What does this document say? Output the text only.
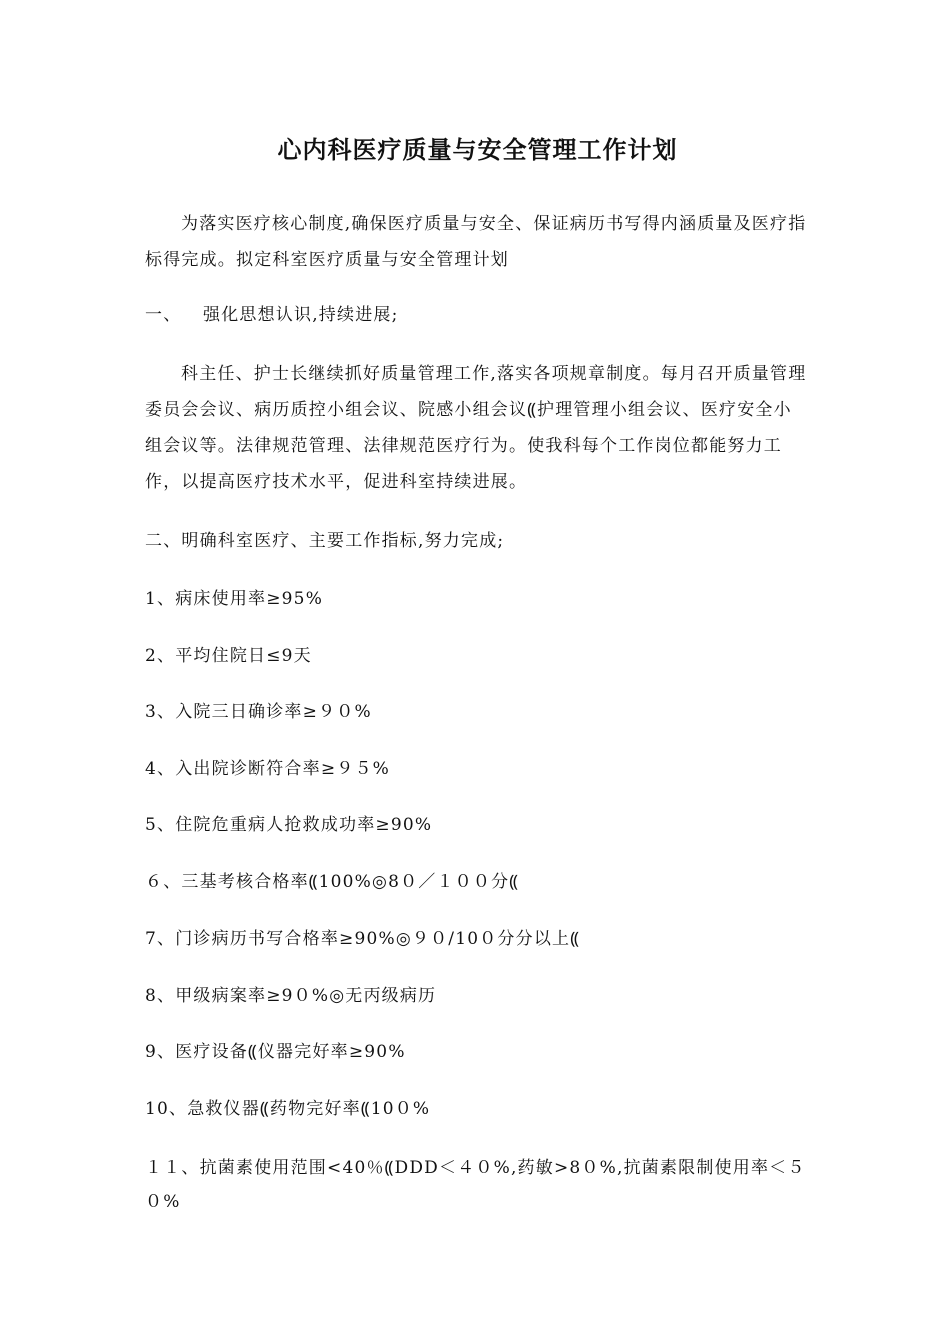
心内科医疗质量与安全管理工作计划

为落实医疗核心制度,确保医疗质量与安全、保证病历书写得内涵质量及医疗指标得完成。拟定科室医疗质量与安全管理计划

一、 强化思想认识,持续进展;

科主任、护士长继续抓好质量管理工作,落实各项规章制度。每月召开质量管理委员会会议、病历质控小组会议、院感小组会议⸨护理管理小组会议、医疗安全小组会议等。法律规范管理、法律规范医疗行为。使我科每个工作岗位都能努力工作，以提高医疗技术水平，促进科室持续进展。

二、明确科室医疗、主要工作指标,努力完成;

1、病床使用率≥95%

2、平均住院日≤9天

3、入院三日确诊率≥９０%

4、入出院诊断符合率≥９５%

5、住院危重病人抢救成功率≥90%

６、三基考核合格率⸨100%◎8０／１００分⸨

7、门诊病历书写合格率≥90%◎９０/10０分分以上⸨

8、甲级病案率≥9０%◎无丙级病历

9、医疗设备⸨仪器完好率≥90%

10、急救仪器⸨药物完好率⸨10０%

１１、抗菌素使用范围<40％⸨DDD＜４０%,药敏>8０%,抗菌素限制使用率＜５０%
